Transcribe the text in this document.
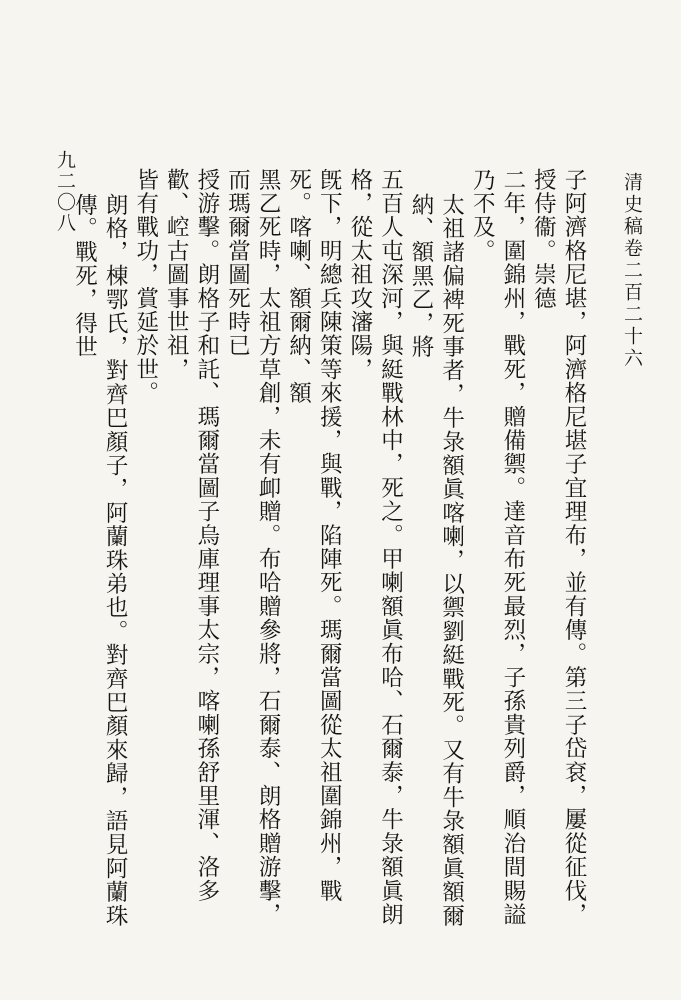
清史稿卷二百二十六
九二〇八	子阿濟格尼堪，阿濟格尼堪子宜理布，並有傳。第三子岱袞，屢從征伐，授侍衞。崇德
二年，圍錦州，戰死，贈備禦。達音布死最烈，子孫貴列爵，順治間賜謚乃不及。
太祖諸偏裨死事者，牛彔額眞喀喇，以禦劉綎戰死。又有牛彔額眞額爾納、額黑乙，將
五百人屯深河，與綎戰林中，死之。甲喇額眞布哈、石爾泰，牛彔額眞朗格，從太祖攻瀋陽，
旣下，明總兵陳策等來援，與戰，陷陣死。瑪爾當圖從太祖圍錦州，戰死。喀喇、額爾納、額
黑乙死時，太祖方草創，未有卹贈。布哈贈參將，石爾泰、朗格贈游擊，而瑪爾當圖死時已
授游擊。朗格子和託、瑪爾當圖子烏庫理事太宗，喀喇孫舒里渾、洛多歡、崆古圖事世祖，
皆有戰功，賞延於世。
朗格，棟鄂氏，對齊巴顏子，阿蘭珠弟也。對齊巴顏來歸，語見阿蘭珠傳。戰死，得世
